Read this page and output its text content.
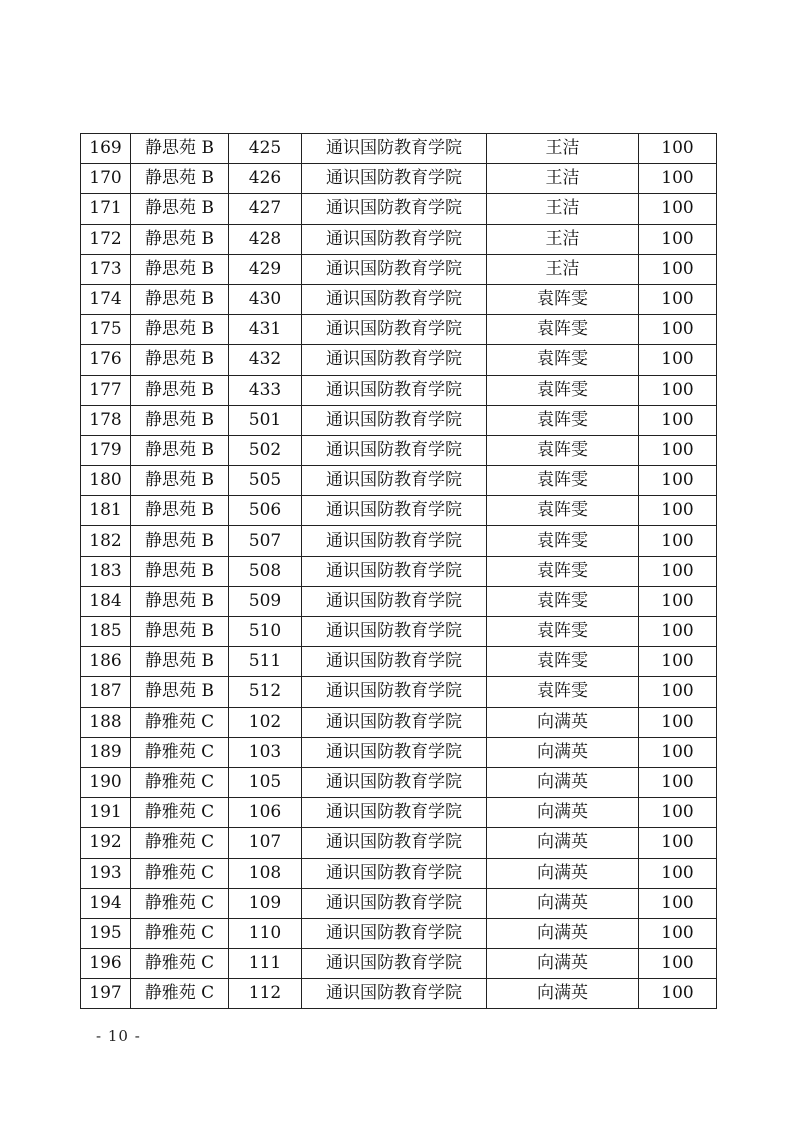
169	静思苑 B	425	通识国防教育学院	王洁	100
170	静思苑 B	426	通识国防教育学院	王洁	100
171	静思苑 B	427	通识国防教育学院	王洁	100
172	静思苑 B	428	通识国防教育学院	王洁	100
173	静思苑 B	429	通识国防教育学院	王洁	100
174	静思苑 B	430	通识国防教育学院	袁阵雯	100
175	静思苑 B	431	通识国防教育学院	袁阵雯	100
176	静思苑 B	432	通识国防教育学院	袁阵雯	100
177	静思苑 B	433	通识国防教育学院	袁阵雯	100
178	静思苑 B	501	通识国防教育学院	袁阵雯	100
179	静思苑 B	502	通识国防教育学院	袁阵雯	100
180	静思苑 B	505	通识国防教育学院	袁阵雯	100
181	静思苑 B	506	通识国防教育学院	袁阵雯	100
182	静思苑 B	507	通识国防教育学院	袁阵雯	100
183	静思苑 B	508	通识国防教育学院	袁阵雯	100
184	静思苑 B	509	通识国防教育学院	袁阵雯	100
185	静思苑 B	510	通识国防教育学院	袁阵雯	100
186	静思苑 B	511	通识国防教育学院	袁阵雯	100
187	静思苑 B	512	通识国防教育学院	袁阵雯	100
188	静雅苑 C	102	通识国防教育学院	向满英	100
189	静雅苑 C	103	通识国防教育学院	向满英	100
190	静雅苑 C	105	通识国防教育学院	向满英	100
191	静雅苑 C	106	通识国防教育学院	向满英	100
192	静雅苑 C	107	通识国防教育学院	向满英	100
193	静雅苑 C	108	通识国防教育学院	向满英	100
194	静雅苑 C	109	通识国防教育学院	向满英	100
195	静雅苑 C	110	通识国防教育学院	向满英	100
196	静雅苑 C	111	通识国防教育学院	向满英	100
197	静雅苑 C	112	通识国防教育学院	向满英	100
- 10 -
